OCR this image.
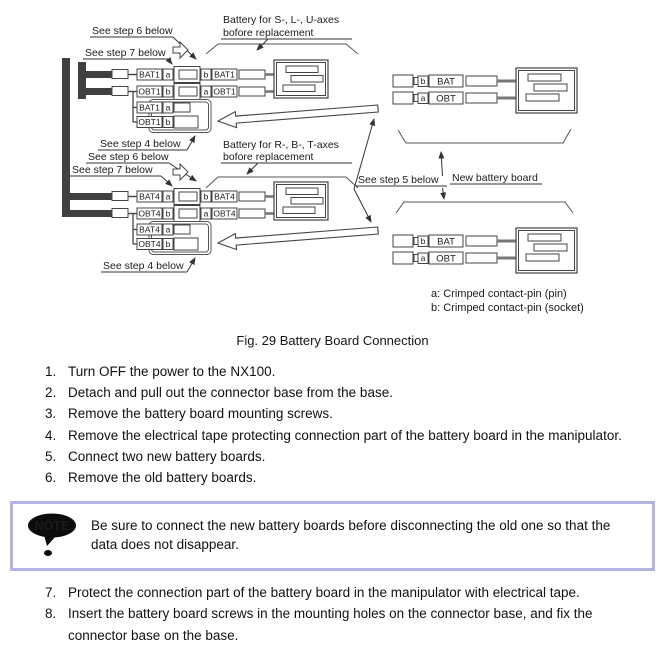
BAT1 a	b BAT1
OBT1 b	a OBT1
BAT1 a
OBT1 b
BAT4 a	b BAT4
OBT4 b	a OBT4
BAT4 a
OBT4 b
See step 6 below
See step 7 below
See step 4 below
See step 6 below
See step 7 below
See step 4 below
Battery for S-, L-, U-axes
bofore replacement
Battery for R-, B-, T-axes
bofore replacement
b BAT
a OBT
b BAT
a OBT
See step 5 below New battery board
a: Crimped contact-pin (pin)
b: Crimped contact-pin (socket)
Fig. 29 Battery Board Connection
1. Turn OFF the power to the NX100.
2. Detach and pull out the connector base from the base.
3. Remove the battery board mounting screws.
4. Remove the electrical tape protecting connection part of the battery board in the manipulator.
5. Connect two new battery boards.
6. Remove the old battery boards.
NOTE Be sure to connect the new battery boards before disconnecting the old one so that the data does not disappear.
7. Protect the connection part of the battery board in the manipulator with electrical tape.
8. Insert the battery board screws in the mounting holes on the connector base, and fix the connector base on the base.
